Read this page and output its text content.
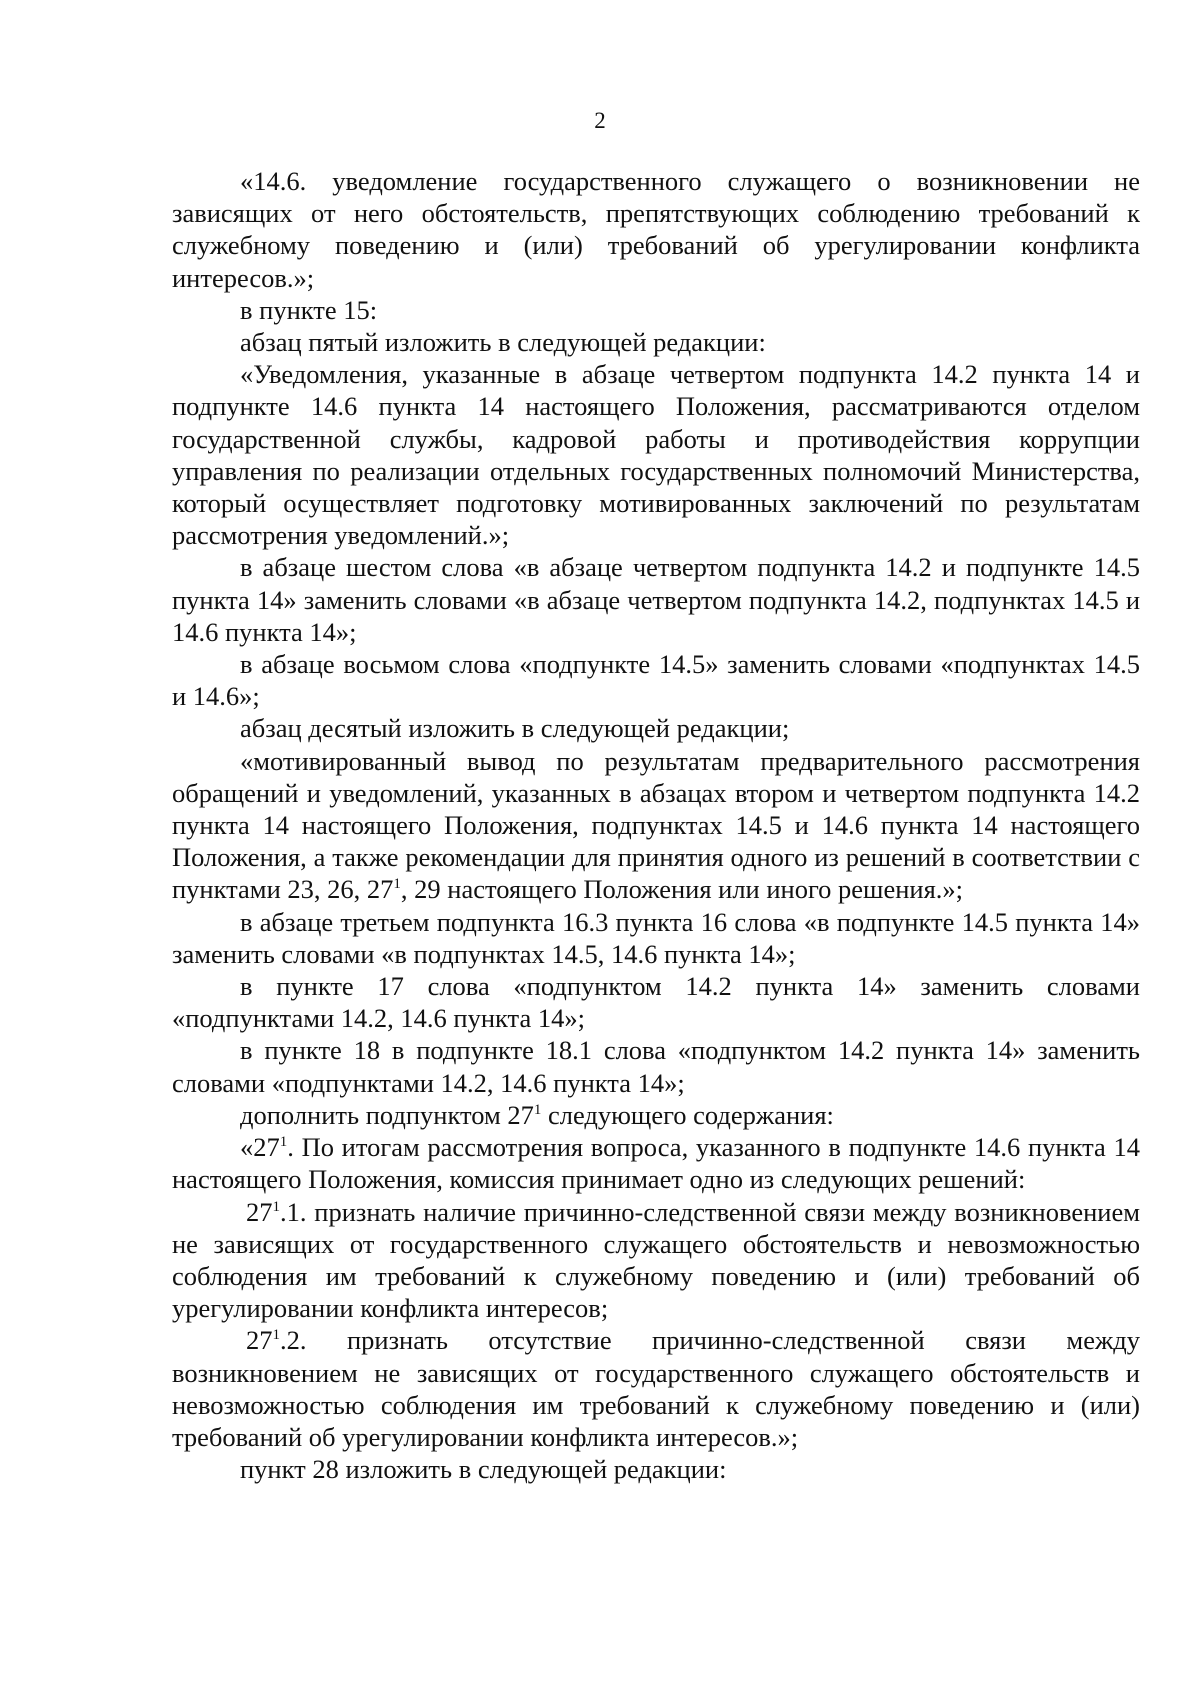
2

«14.6. уведомление государственного служащего о возникновении не зависящих от него обстоятельств, препятствующих соблюдению требований к служебному поведению и (или) требований об урегулировании конфликта интересов.»;

в пункте 15:

абзац пятый изложить в следующей редакции:

«Уведомления, указанные в абзаце четвертом подпункта 14.2 пункта 14 и подпункте 14.6 пункта 14 настоящего Положения, рассматриваются отделом государственной службы, кадровой работы и противодействия коррупции управления по реализации отдельных государственных полномочий Министерства, который осуществляет подготовку мотивированных заключений по результатам рассмотрения уведомлений.»;

в абзаце шестом слова «в абзаце четвертом подпункта 14.2 и подпункте 14.5 пункта 14» заменить словами «в абзаце четвертом подпункта 14.2, подпунктах 14.5 и 14.6 пункта 14»;

в абзаце восьмом слова «подпункте 14.5» заменить словами «подпунктах 14.5 и 14.6»;

абзац десятый изложить в следующей редакции;

«мотивированный вывод по результатам предварительного рассмотрения обращений и уведомлений, указанных в абзацах втором и четвертом подпункта 14.2 пункта 14 настоящего Положения, подпунктах 14.5 и 14.6 пункта 14 настоящего Положения, а также рекомендации для принятия одного из решений в соответствии с пунктами 23, 26, $27^1$, 29 настоящего Положения или иного решения.»;

в абзаце третьем подпункта 16.3 пункта 16 слова «в подпункте 14.5 пункта 14» заменить словами «в подпунктах 14.5, 14.6 пункта 14»;

в пункте 17 слова «подпунктом 14.2 пункта 14» заменить словами «подпунктами 14.2, 14.6 пункта 14»;

в пункте 18 в подпункте 18.1 слова «подпунктом 14.2 пункта 14» заменить словами «подпунктами 14.2, 14.6 пункта 14»;

дополнить подпунктом $27^1$ следующего содержания:

«$27^1$. По итогам рассмотрения вопроса, указанного в подпункте 14.6 пункта 14 настоящего Положения, комиссия принимает одно из следующих решений:

$27^1.1$. признать наличие причинно-следственной связи между возникновением не зависящих от государственного служащего обстоятельств и невозможностью соблюдения им требований к служебному поведению и (или) требований об урегулировании конфликта интересов;

$27^1.2$. признать отсутствие причинно-следственной связи между возникновением не зависящих от государственного служащего обстоятельств и невозможностью соблюдения им требований к служебному поведению и (или) требований об урегулировании конфликта интересов.»;

пункт 28 изложить в следующей редакции:
